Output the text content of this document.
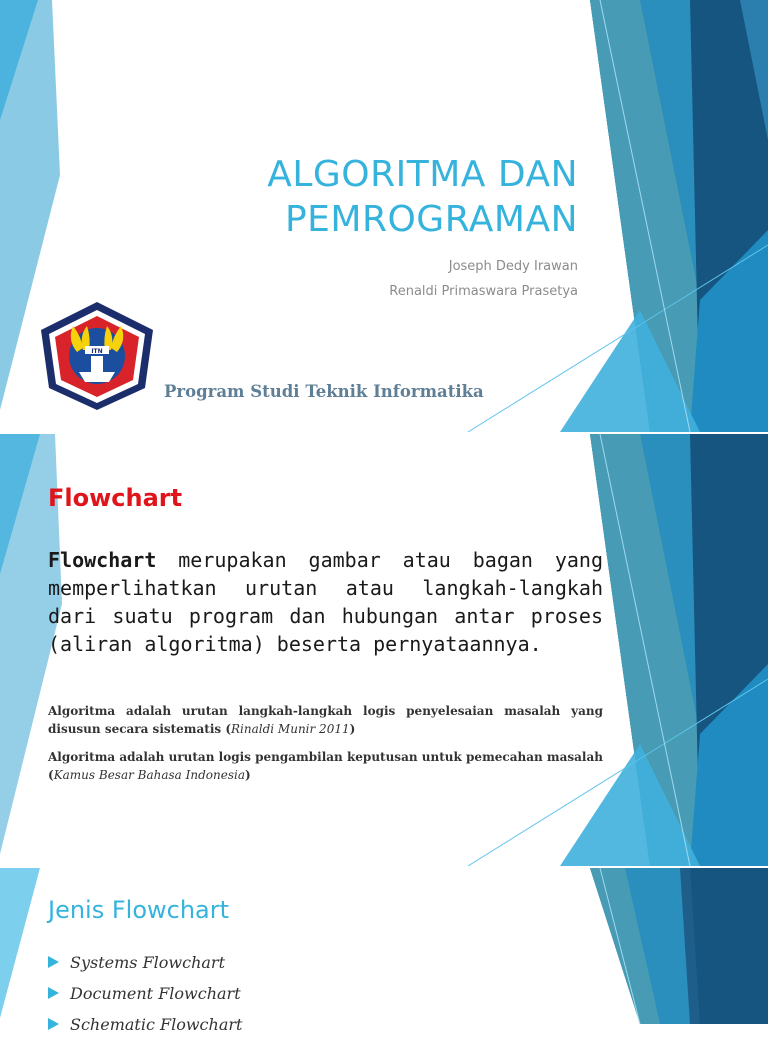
ALGORITMA DAN
PEMROGRAMAN
Joseph Dedy Irawan
Renaldi Primaswara Prasetya
ITN
Program Studi Teknik Informatika
Flowchart

Flowchart merupakan gambar atau bagan yang memperlihatkan urutan atau langkah-langkah dari suatu program dan hubungan antar proses (aliran algoritma) beserta pernyataannya.

Algoritma adalah urutan langkah-langkah logis penyelesaian masalah yang disusun secara sistematis (Rinaldi Munir 2011)

Algoritma adalah urutan logis pengambilan keputusan untuk pemecahan masalah (Kamus Besar Bahasa Indonesia)

Jenis Flowchart
Systems Flowchart
Document Flowchart
Schematic Flowchart
